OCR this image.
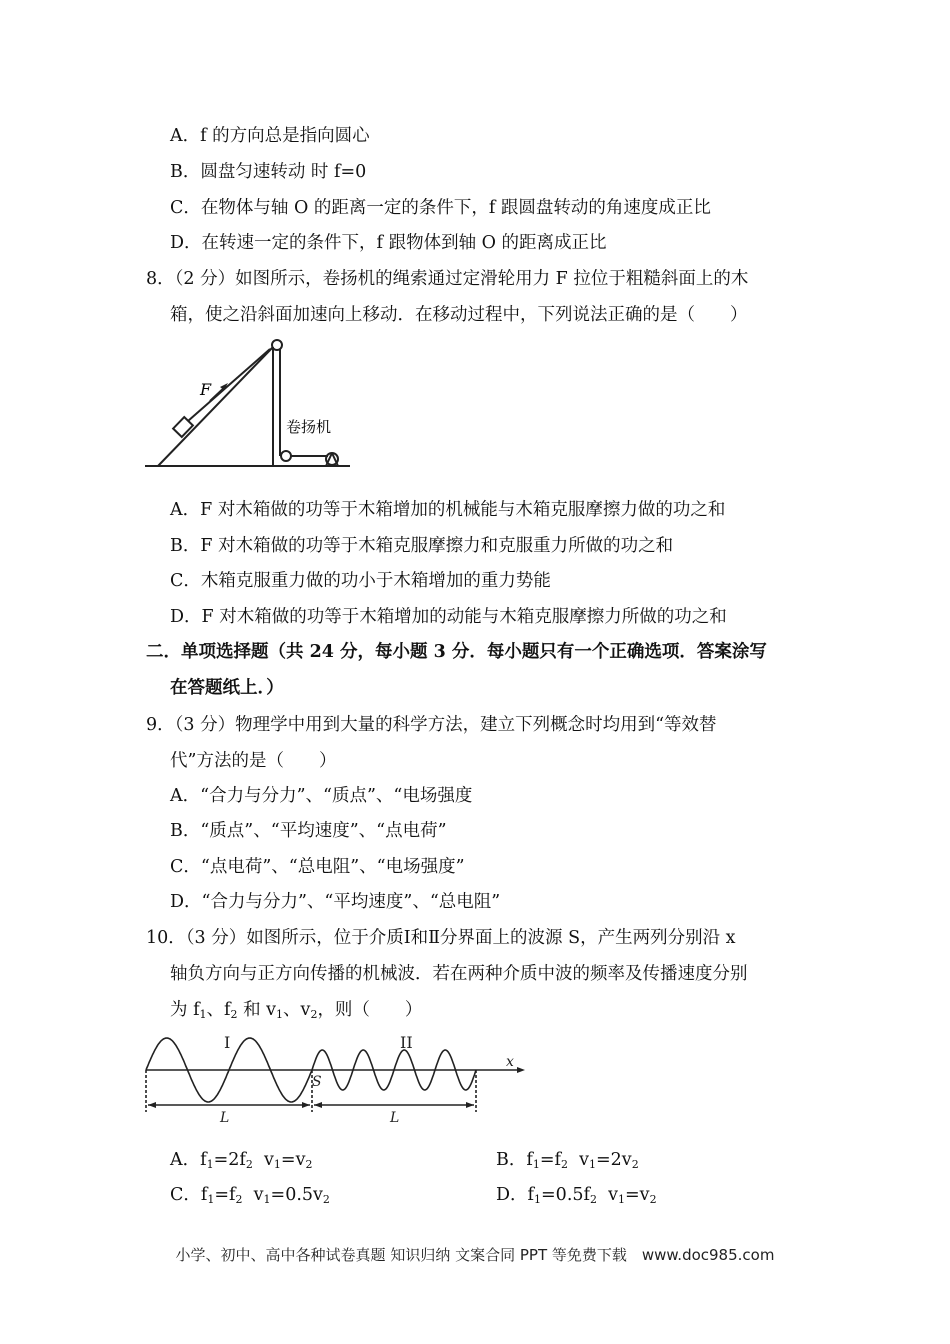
A．f 的方向总是指向圆心
B．圆盘匀速转动 时 f=0
C．在物体与轴 O 的距离一定的条件下，f 跟圆盘转动的角速度成正比
D．在转速一定的条件下，f 跟物体到轴 O 的距离成正比
8．（2 分）如图所示，卷扬机的绳索通过定滑轮用力 F 拉位于粗糙斜面上的木
箱，使之沿斜面加速向上移动．在移动过程中，下列说法正确的是（　　）
F
卷扬机
A．F 对木箱做的功等于木箱增加的机械能与木箱克服摩擦力做的功之和
B．F 对木箱做的功等于木箱克服摩擦力和克服重力所做的功之和
C．木箱克服重力做的功小于木箱增加的重力势能
D．F 对木箱做的功等于木箱增加的动能与木箱克服摩擦力所做的功之和
二．单项选择题（共 24 分，每小题 3 分．每小题只有一个正确选项．答案涂写
在答题纸上．）
9．（3 分）物理学中用到大量的科学方法，建立下列概念时均用到“等效替
代”方法的是（　　）
A．“合力与分力”、“质点”、“电场强度
B．“质点”、“平均速度”、“点电荷”
C．“点电荷”、“总电阻”、“电场强度”
D．“合力与分力”、“平均速度”、“总电阻”
10．（3 分）如图所示，位于介质Ⅰ和Ⅱ分界面上的波源 S，产生两列分别沿 x
轴负方向与正方向传播的机械波．若在两种介质中波的频率及传播速度分别
为 $f_1$、$f_2$ 和 $v_1$、$v_2$，则（　　）
I	II
x
S
L	L
A．$f_1=2f_2$  $v_1=v_2$	B．$f_1=f_2$  $v_1=2v_2$
C．$f_1=f_2$  $v_1=0.5v_2$	D．$f_1=0.5f_2$  $v_1=v_2$
小学、初中、高中各种试卷真题 知识归纳 文案合同 PPT 等免费下载　www.doc985.com
